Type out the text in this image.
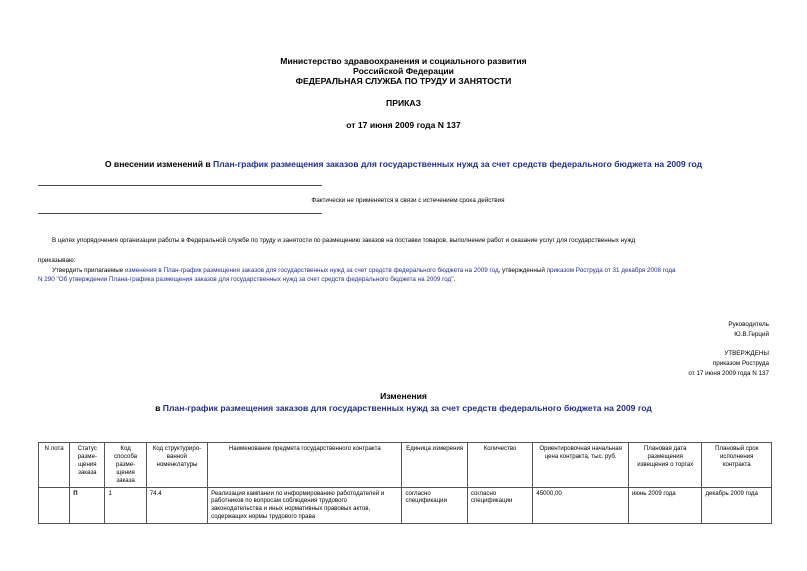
Министерство здравоохранения и социального развития
Российской Федерации
ФЕДЕРАЛЬНАЯ СЛУЖБА ПО ТРУДУ И ЗАНЯТОСТИ
ПРИКАЗ
от 17 июня 2009 года N 137
О внесении изменений в План-график размещения заказов для государственных нужд за счет средств федерального бюджета на 2009 год
Фактически не применяется в связи с истечением срока действия
В целях упорядочения организации работы в Федеральной службе по труду и занятости по размещению заказов на поставки товаров, выполнение работ и оказание услуг для государственных нужд
приказываю:
Утвердить прилагаемые изменения в План-график размещения заказов для государственных нужд за счет средств федерального бюджета на 2009 год, утвержденный приказом Роструда от 31 декабря 2008 года
N 290 "Об утверждении Плана-графика размещения заказов для государственных нужд за счет средств федерального бюджета на 2009 год".
Руководитель
Ю.В.Герций
УТВЕРЖДЕНЫ
приказом Роструда
от 17 июня 2009 года N 137
Изменения
в План-график размещения заказов для государственных нужд за счет средств федерального бюджета на 2009 год
N лота	Статус разме-щения заказа	Код способа разме-щения заказа	Код структуриро-ванной номенклатуры	Наименование предмета государственного контракта	Единица измерения	Количество	Ориентировочная начальная цена контракта, тыс. руб.	Плановая дата размещения извещения о торгах	Плановый срок исполнения контракта
	П	1	74.4	Реализация кампании по информированию работодателей и работников по вопросам соблюдения трудового законодательства и иных нормативных правовых актов, содержащих нормы трудового права	согласно спецификации	согласно спецификации	45000,00	июнь 2009 года	декабрь 2009 года
